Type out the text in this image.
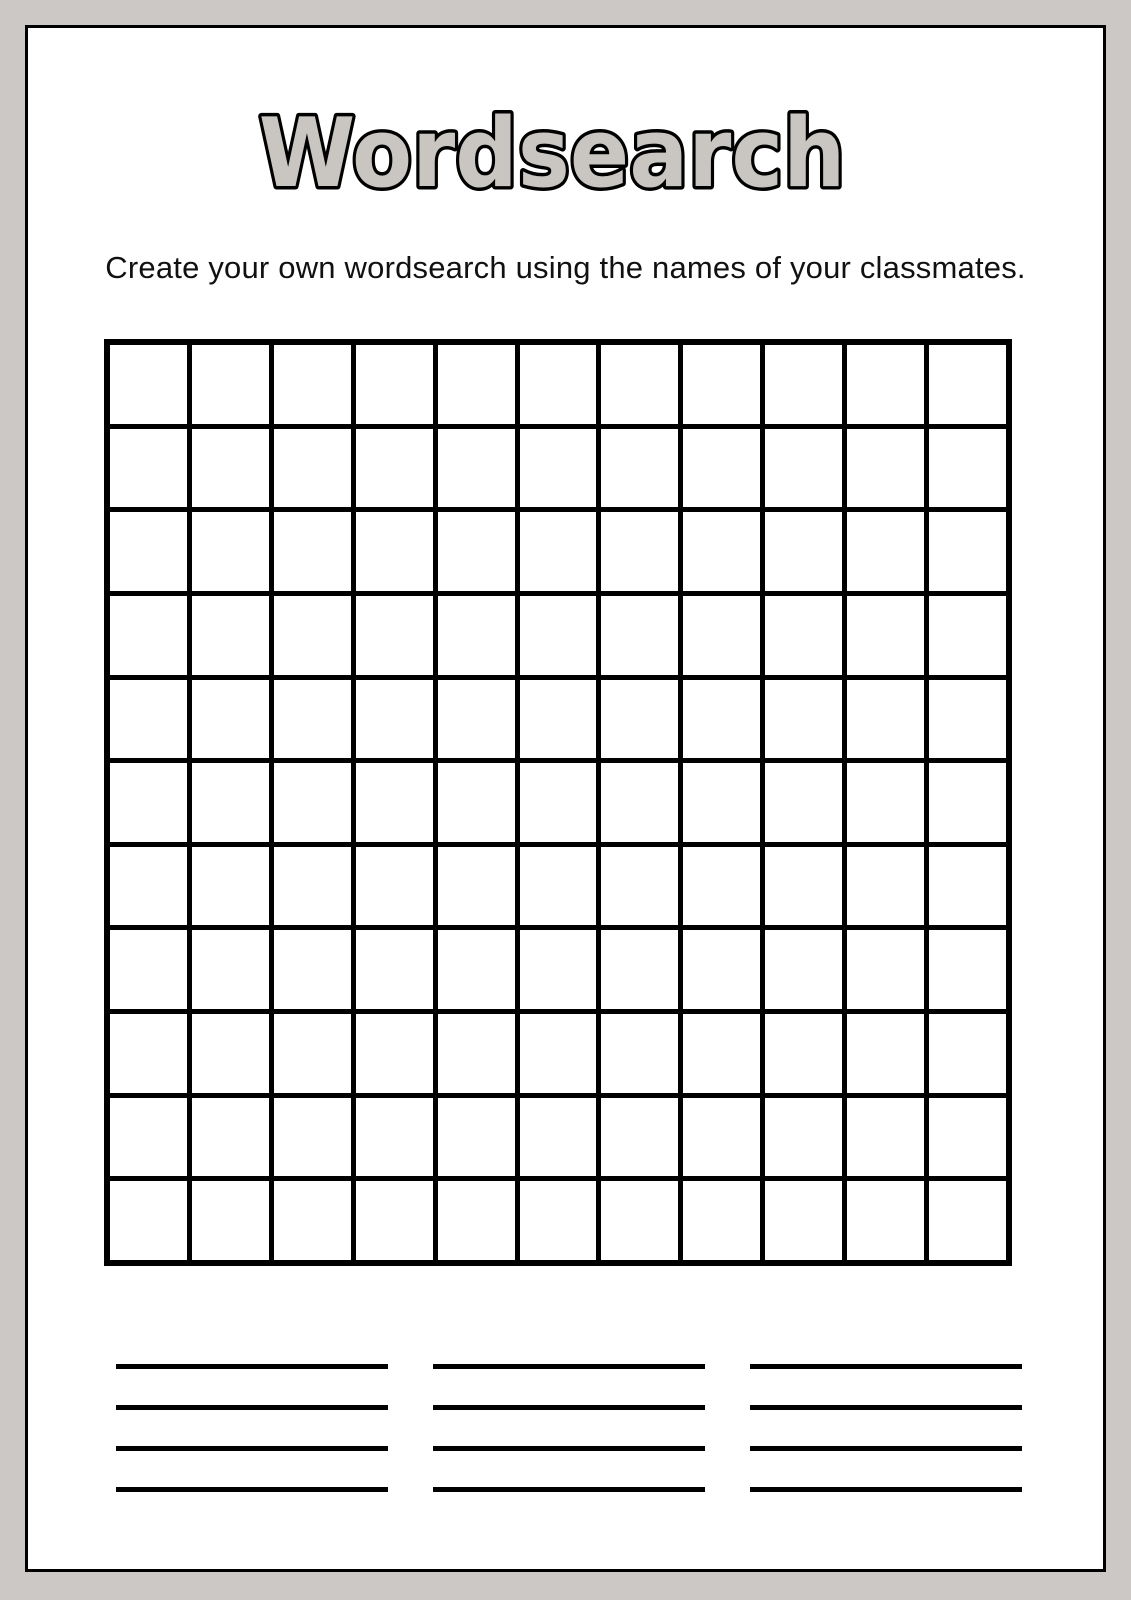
Wordsearch

Create your own wordsearch using the names of your classmates.
